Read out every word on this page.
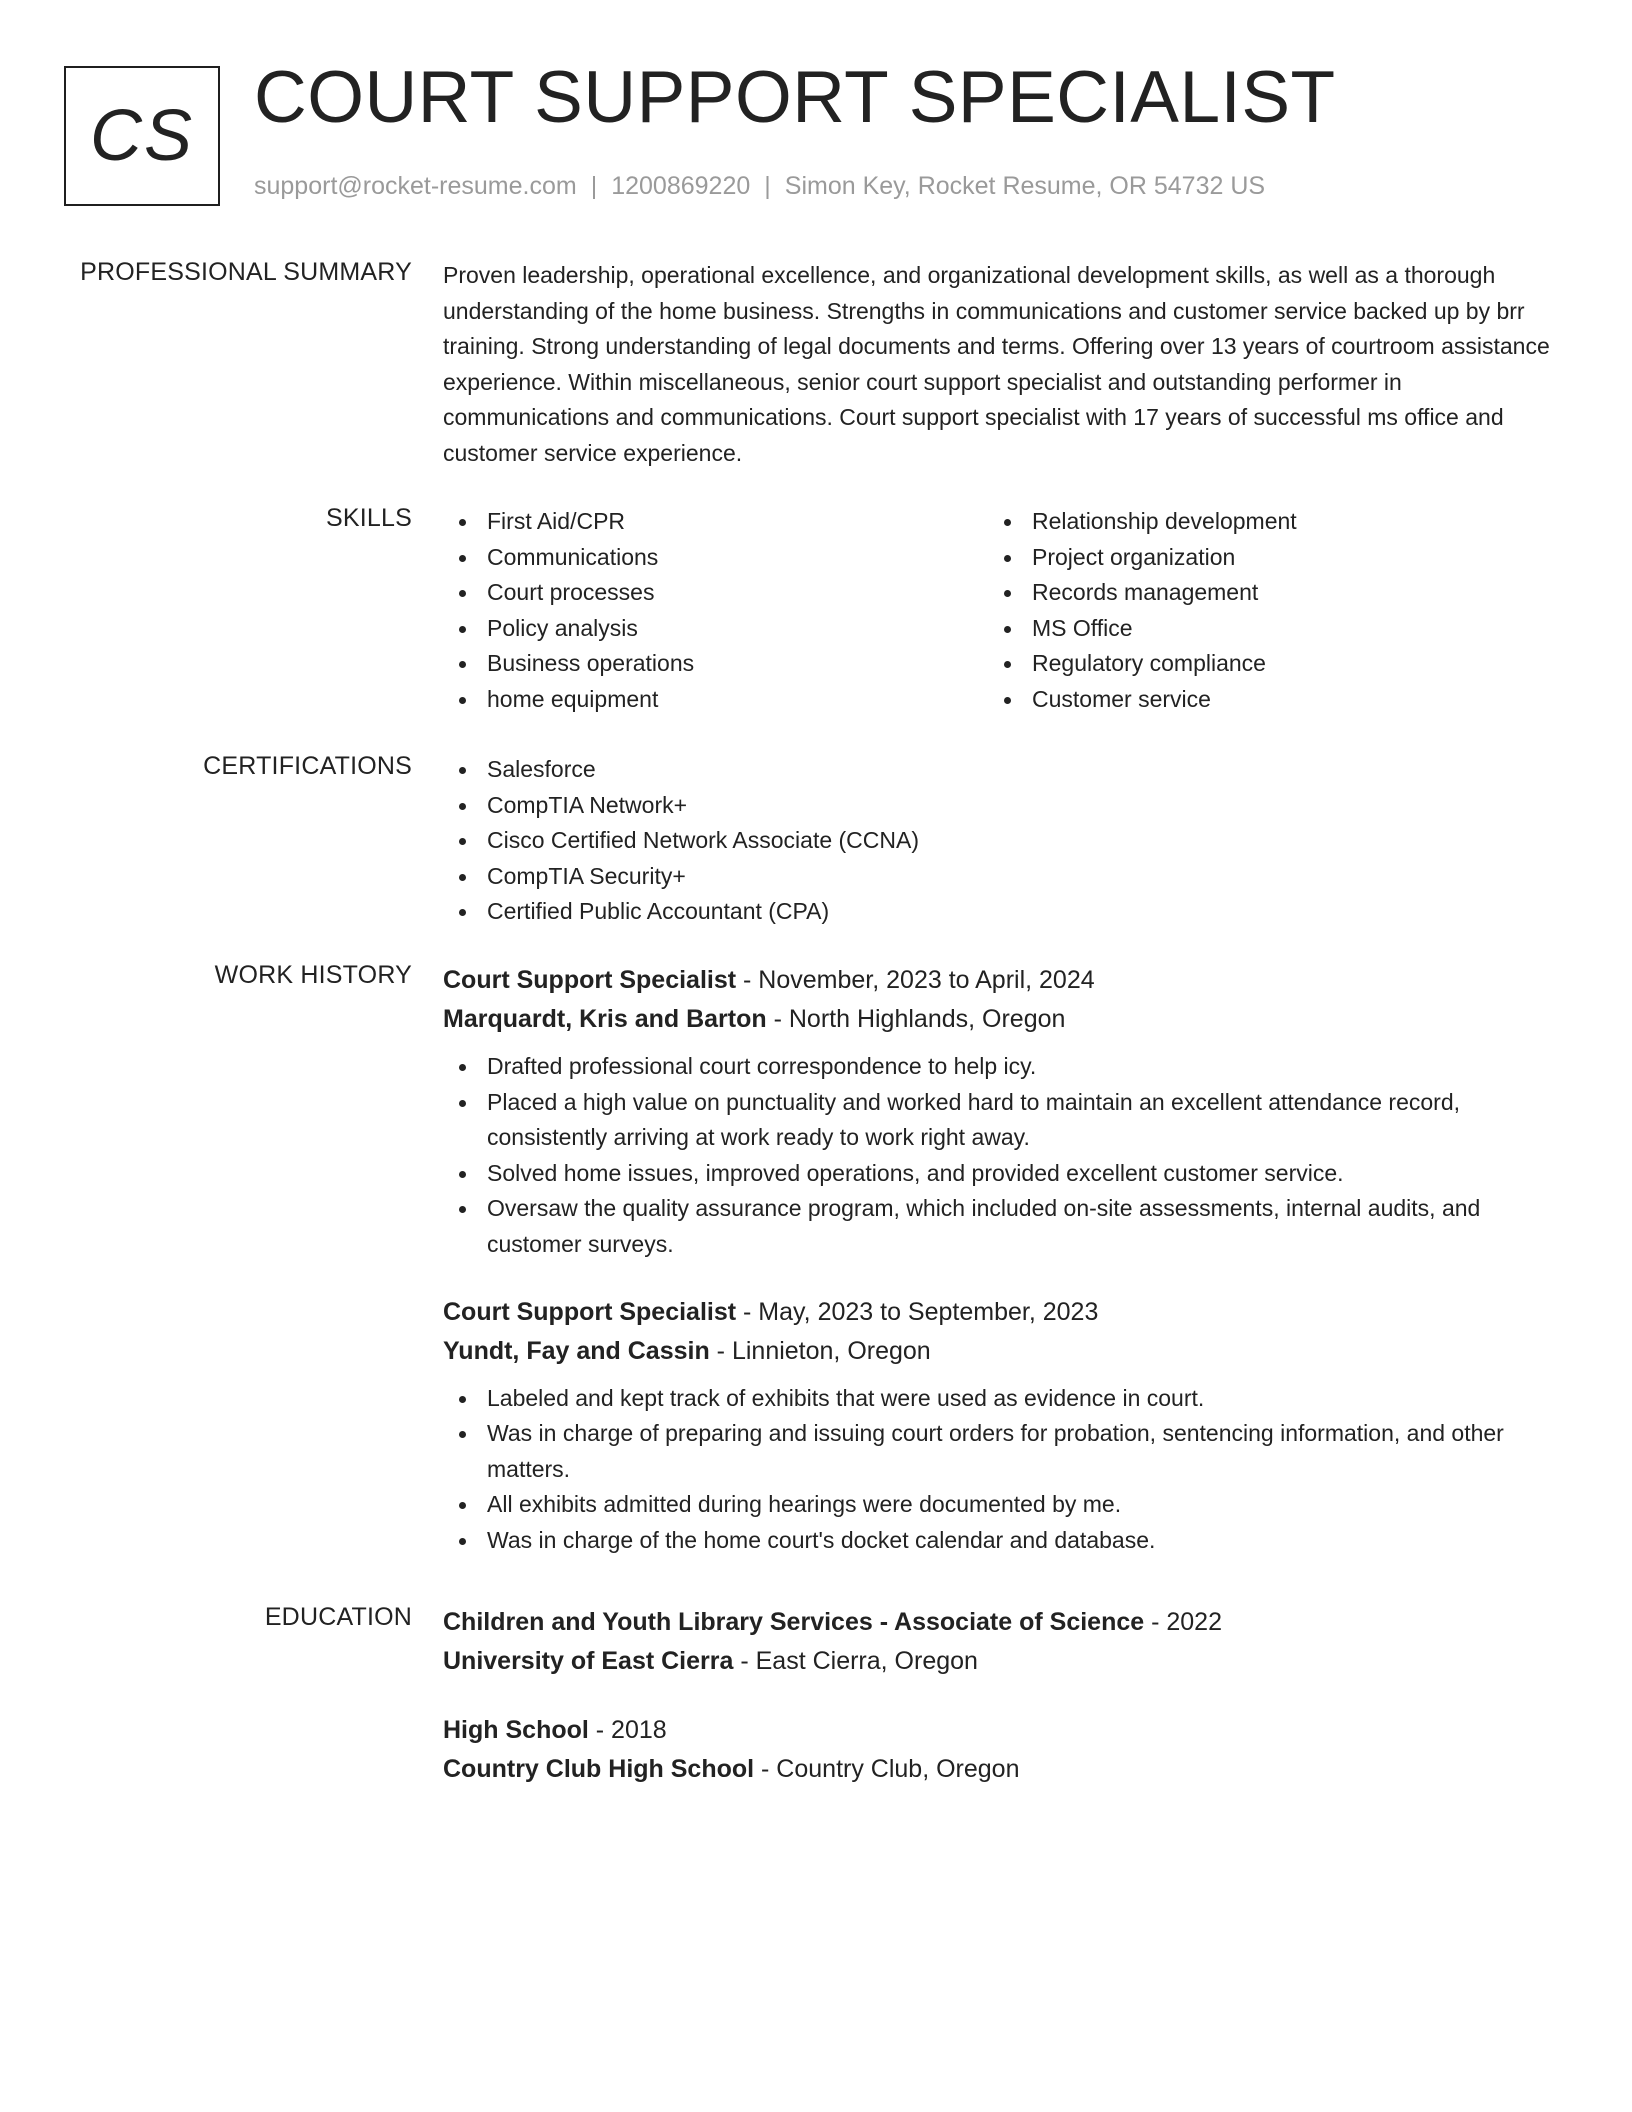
CS COURT SUPPORT SPECIALIST
support@rocket-resume.com | 1200869220 | Simon Key, Rocket Resume, OR 54732 US
PROFESSIONAL SUMMARY Proven leadership, operational excellence, and organizational development skills, as well as a thorough understanding of the home business. Strengths in communications and customer service backed up by brr training. Strong understanding of legal documents and terms. Offering over 13 years of courtroom assistance experience. Within miscellaneous, senior court support specialist and outstanding performer in communications and communications. Court support specialist with 17 years of successful ms office and customer service experience.

SKILLS	First Aid/CPR
Communications
Court processes
Policy analysis
Business operations
home equipment
Relationship development
Project organization
Records management
MS Office
Regulatory compliance
Customer service
CERTIFICATIONS	Salesforce
CompTIA Network+
Cisco Certified Network Associate (CCNA)
CompTIA Security+
Certified Public Accountant (CPA)
WORK HISTORY Court Support Specialist - November, 2023 to April, 2024
Marquardt, Kris and Barton - North Highlands, Oregon
Drafted professional court correspondence to help icy.
Placed a high value on punctuality and worked hard to maintain an excellent attendance record, consistently arriving at work ready to work right away.
Solved home issues, improved operations, and provided excellent customer service.
Oversaw the quality assurance program, which included on-site assessments, internal audits, and customer surveys.
Court Support Specialist - May, 2023 to September, 2023
Yundt, Fay and Cassin - Linnieton, Oregon
Labeled and kept track of exhibits that were used as evidence in court.
Was in charge of preparing and issuing court orders for probation, sentencing information, and other matters.
All exhibits admitted during hearings were documented by me.
Was in charge of the home court's docket calendar and database.
EDUCATION Children and Youth Library Services - Associate of Science - 2022
University of East Cierra - East Cierra, Oregon
High School - 2018
Country Club High School - Country Club, Oregon
